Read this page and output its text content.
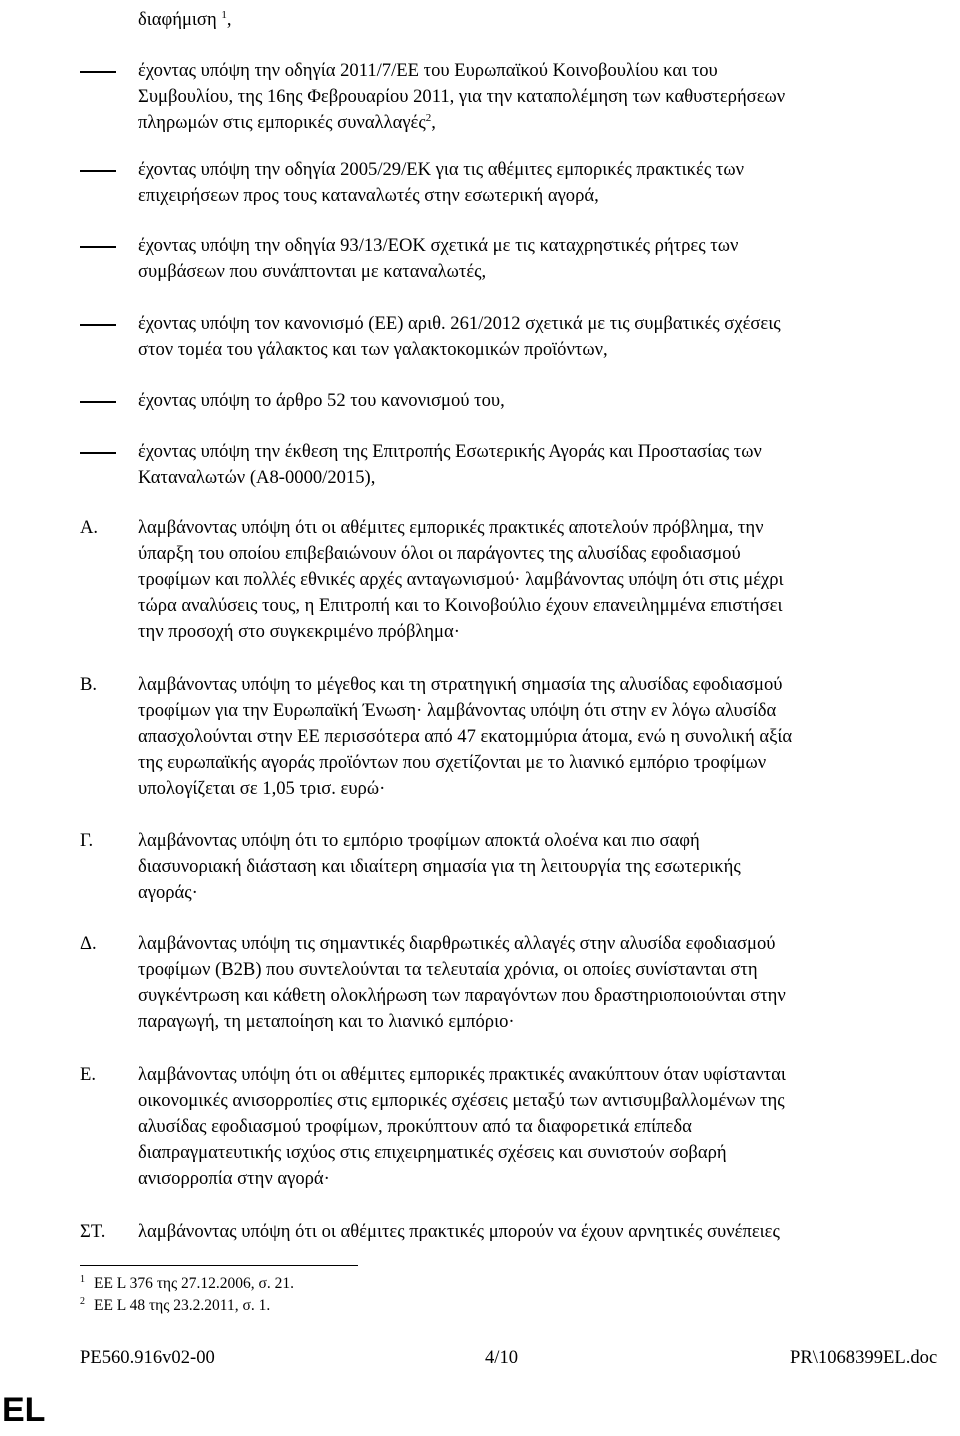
διαφήμιση $^1$,
έχοντας υπόψη την οδηγία 2011/7/ΕΕ του Ευρωπαϊκού Κοινοβουλίου και του
Συμβουλίου, της 16ης Φεβρουαρίου 2011, για την καταπολέμηση των καθυστερήσεων
πληρωμών στις εμπορικές συναλλαγές$^2$,
έχοντας υπόψη την οδηγία 2005/29/ΕΚ για τις αθέμιτες εμπορικές πρακτικές των
επιχειρήσεων προς τους καταναλωτές στην εσωτερική αγορά,
έχοντας υπόψη την οδηγία 93/13/ΕΟΚ σχετικά με τις καταχρηστικές ρήτρες των
συμβάσεων που συνάπτονται με καταναλωτές,
έχοντας υπόψη τον κανονισμό (ΕΕ) αριθ. 261/2012 σχετικά με τις συμβατικές σχέσεις
στον τομέα του γάλακτος και των γαλακτοκομικών προϊόντων,
έχοντας υπόψη το άρθρο 52 του κανονισμού του,
έχοντας υπόψη την έκθεση της Επιτροπής Εσωτερικής Αγοράς και Προστασίας των
Καταναλωτών (A8-0000/2015),
A. λαμβάνοντας υπόψη ότι οι αθέμιτες εμπορικές πρακτικές αποτελούν πρόβλημα, την
ύπαρξη του οποίου επιβεβαιώνουν όλοι οι παράγοντες της αλυσίδας εφοδιασμού
τροφίμων και πολλές εθνικές αρχές ανταγωνισμού· λαμβάνοντας υπόψη ότι στις μέχρι
τώρα αναλύσεις τους, η Επιτροπή και το Κοινοβούλιο έχουν επανειλημμένα επιστήσει
την προσοχή στο συγκεκριμένο πρόβλημα·
B. λαμβάνοντας υπόψη το μέγεθος και τη στρατηγική σημασία της αλυσίδας εφοδιασμού
τροφίμων για την Ευρωπαϊκή Ένωση· λαμβάνοντας υπόψη ότι στην εν λόγω αλυσίδα
απασχολούνται στην ΕΕ περισσότερα από 47 εκατομμύρια άτομα, ενώ η συνολική αξία
της ευρωπαϊκής αγοράς προϊόντων που σχετίζονται με το λιανικό εμπόριο τροφίμων
υπολογίζεται σε 1,05 τρισ. ευρώ·
Γ. λαμβάνοντας υπόψη ότι το εμπόριο τροφίμων αποκτά ολοένα και πιο σαφή
διασυνοριακή διάσταση και ιδιαίτερη σημασία για τη λειτουργία της εσωτερικής
αγοράς·
Δ. λαμβάνοντας υπόψη τις σημαντικές διαρθρωτικές αλλαγές στην αλυσίδα εφοδιασμού
τροφίμων (B2B) που συντελούνται τα τελευταία χρόνια, οι οποίες συνίστανται στη
συγκέντρωση και κάθετη ολοκλήρωση των παραγόντων που δραστηριοποιούνται στην
παραγωγή, τη μεταποίηση και το λιανικό εμπόριο·
E. λαμβάνοντας υπόψη ότι οι αθέμιτες εμπορικές πρακτικές ανακύπτουν όταν υφίστανται
οικονομικές ανισορροπίες στις εμπορικές σχέσεις μεταξύ των αντισυμβαλλομένων της
αλυσίδας εφοδιασμού τροφίμων, προκύπτουν από τα διαφορετικά επίπεδα
διαπραγματευτικής ισχύος στις επιχειρηματικές σχέσεις και συνιστούν σοβαρή
ανισορροπία στην αγορά·
ΣΤ. λαμβάνοντας υπόψη ότι οι αθέμιτες πρακτικές μπορούν να έχουν αρνητικές συνέπειες
1 ΕΕ L 376 της 27.12.2006, σ. 21.
2 ΕΕ L 48 της 23.2.2011, σ. 1.
PE560.916v02-00	4/10	PR\1068399EL.doc
EL
